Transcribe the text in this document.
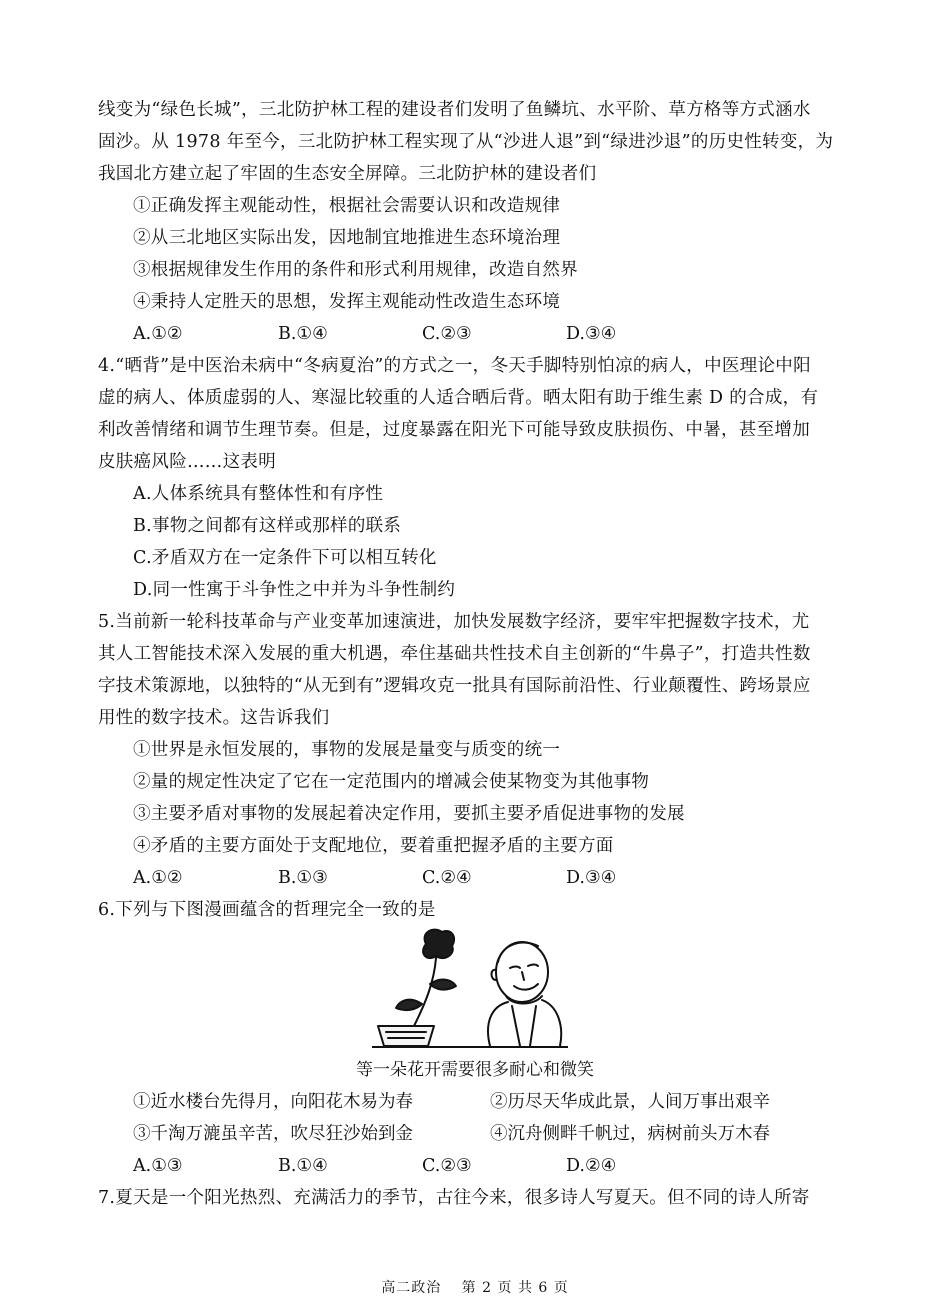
线变为“绿色长城”，三北防护林工程的建设者们发明了鱼鳞坑、水平阶、草方格等方式涵水
固沙。从 1978 年至今，三北防护林工程实现了从“沙进人退”到“绿进沙退”的历史性转变，为
我国北方建立起了牢固的生态安全屏障。三北防护林的建设者们
①正确发挥主观能动性，根据社会需要认识和改造规律
②从三北地区实际出发，因地制宜地推进生态环境治理
③根据规律发生作用的条件和形式利用规律，改造自然界
④秉持人定胜天的思想，发挥主观能动性改造生态环境
A.①②	B.①④	C.②③	D.③④
4.“晒背”是中医治未病中“冬病夏治”的方式之一，冬天手脚特别怕凉的病人，中医理论中阳
虚的病人、体质虚弱的人、寒湿比较重的人适合晒后背。晒太阳有助于维生素 D 的合成，有
利改善情绪和调节生理节奏。但是，过度暴露在阳光下可能导致皮肤损伤、中暑，甚至增加
皮肤癌风险……这表明
A.人体系统具有整体性和有序性
B.事物之间都有这样或那样的联系
C.矛盾双方在一定条件下可以相互转化
D.同一性寓于斗争性之中并为斗争性制约
5.当前新一轮科技革命与产业变革加速演进，加快发展数字经济，要牢牢把握数字技术，尤
其人工智能技术深入发展的重大机遇，牵住基础共性技术自主创新的“牛鼻子”，打造共性数
字技术策源地，以独特的“从无到有”逻辑攻克一批具有国际前沿性、行业颠覆性、跨场景应
用性的数字技术。这告诉我们
①世界是永恒发展的，事物的发展是量变与质变的统一
②量的规定性决定了它在一定范围内的增减会使某物变为其他事物
③主要矛盾对事物的发展起着决定作用，要抓主要矛盾促进事物的发展
④矛盾的主要方面处于支配地位，要着重把握矛盾的主要方面
A.①②	B.①③	C.②④	D.③④
6.下列与下图漫画蕴含的哲理完全一致的是
等一朵花开需要很多耐心和微笑
①近水楼台先得月，向阳花木易为春	②历尽天华成此景，人间万事出艰辛
③千淘万漉虽辛苦，吹尽狂沙始到金	④沉舟侧畔千帆过，病树前头万木春
A.①③	B.①④	C.②③	D.②④
7.夏天是一个阳光热烈、充满活力的季节，古往今来，很多诗人写夏天。但不同的诗人所寄
高二政治　 第 2 页 共 6 页
